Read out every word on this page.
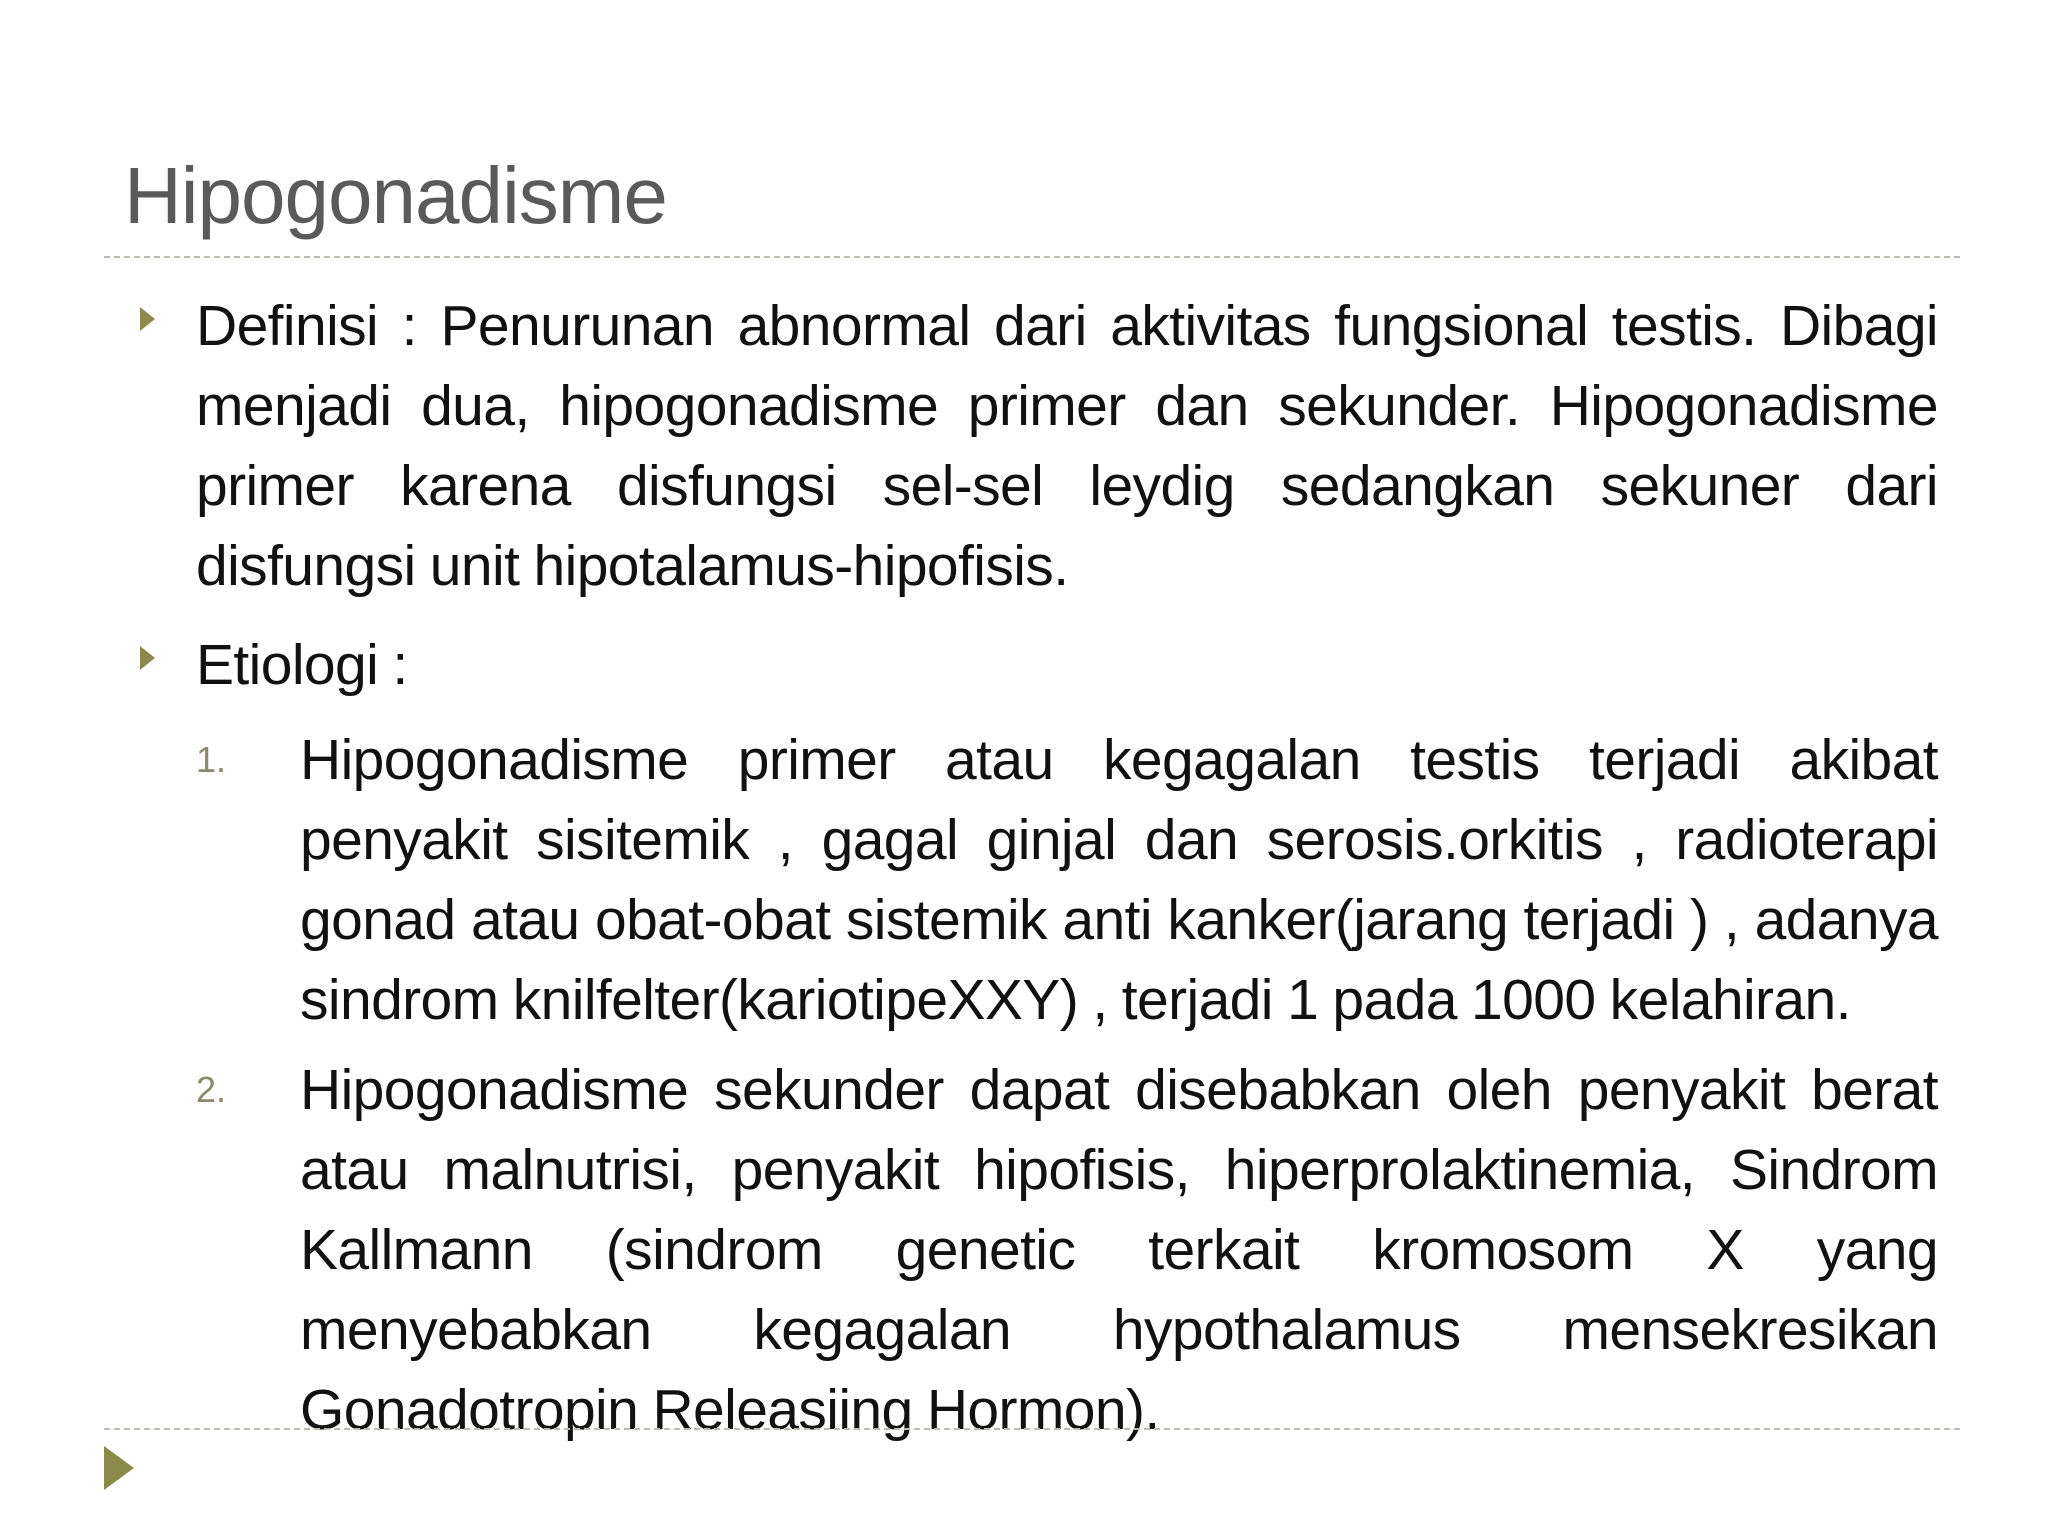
Hipogonadisme
Definisi : Penurunan abnormal dari aktivitas fungsional testis. Dibagi menjadi dua, hipogonadisme primer dan sekunder. Hipogonadisme primer karena disfungsi sel-sel leydig sedangkan sekuner dari disfungsi unit hipotalamus-hipofisis.
Etiologi :
1. Hipogonadisme primer atau kegagalan testis terjadi akibat penyakit sisitemik , gagal ginjal dan serosis.orkitis , radioterapi gonad atau obat-obat sistemik anti kanker(jarang terjadi ) , adanya sindrom knilfelter(kariotipeXXY) , terjadi 1 pada 1000 kelahiran.
2. Hipogonadisme sekunder dapat disebabkan oleh penyakit berat atau malnutrisi, penyakit hipofisis, hiperprolaktinemia, Sindrom Kallmann (sindrom genetic terkait kromosom X yang menyebabkan kegagalan hypothalamus mensekresikan Gonadotropin Releasiing Hormon).
